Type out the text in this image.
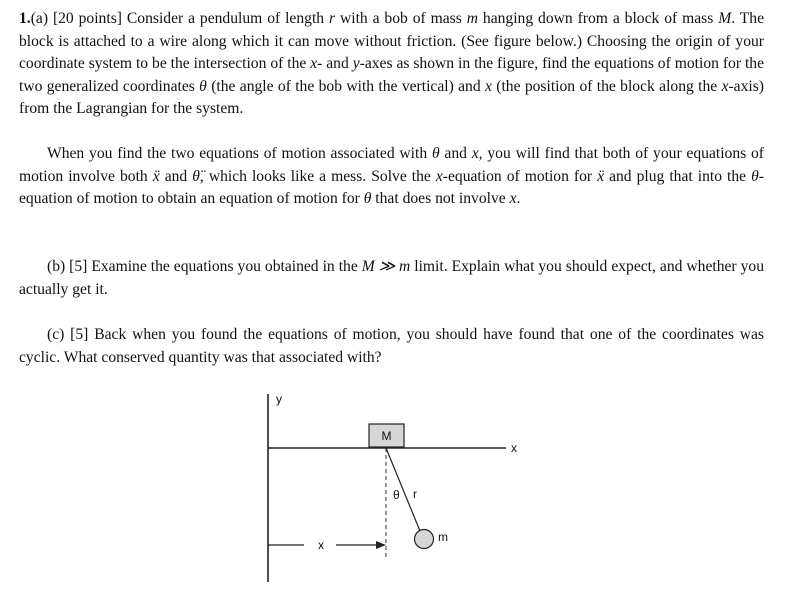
1.(a) [20 points] Consider a pendulum of length r with a bob of mass m hanging down from a block of mass M. The block is attached to a wire along which it can move without friction. (See figure below.) Choosing the origin of your coordinate system to be the intersection of the x- and y-axes as shown in the figure, find the equations of motion for the two generalized coordinates θ (the angle of the bob with the vertical) and x (the position of the block along the x-axis) from the Lagrangian for the system.
When you find the two equations of motion associated with θ and x, you will find that both of your equations of motion involve both ẍ and θ̈, which looks like a mess. Solve the x-equation of motion for ẍ and plug that into the θ-equation of motion to obtain an equation of motion for θ that does not involve x.
(b) [5] Examine the equations you obtained in the M ≫ m limit. Explain what you should expect, and whether you actually get it.
(c) [5] Back when you found the equations of motion, you should have found that one of the coordinates was cyclic. What conserved quantity was that associated with?
y
x
M
θ r
m
x
